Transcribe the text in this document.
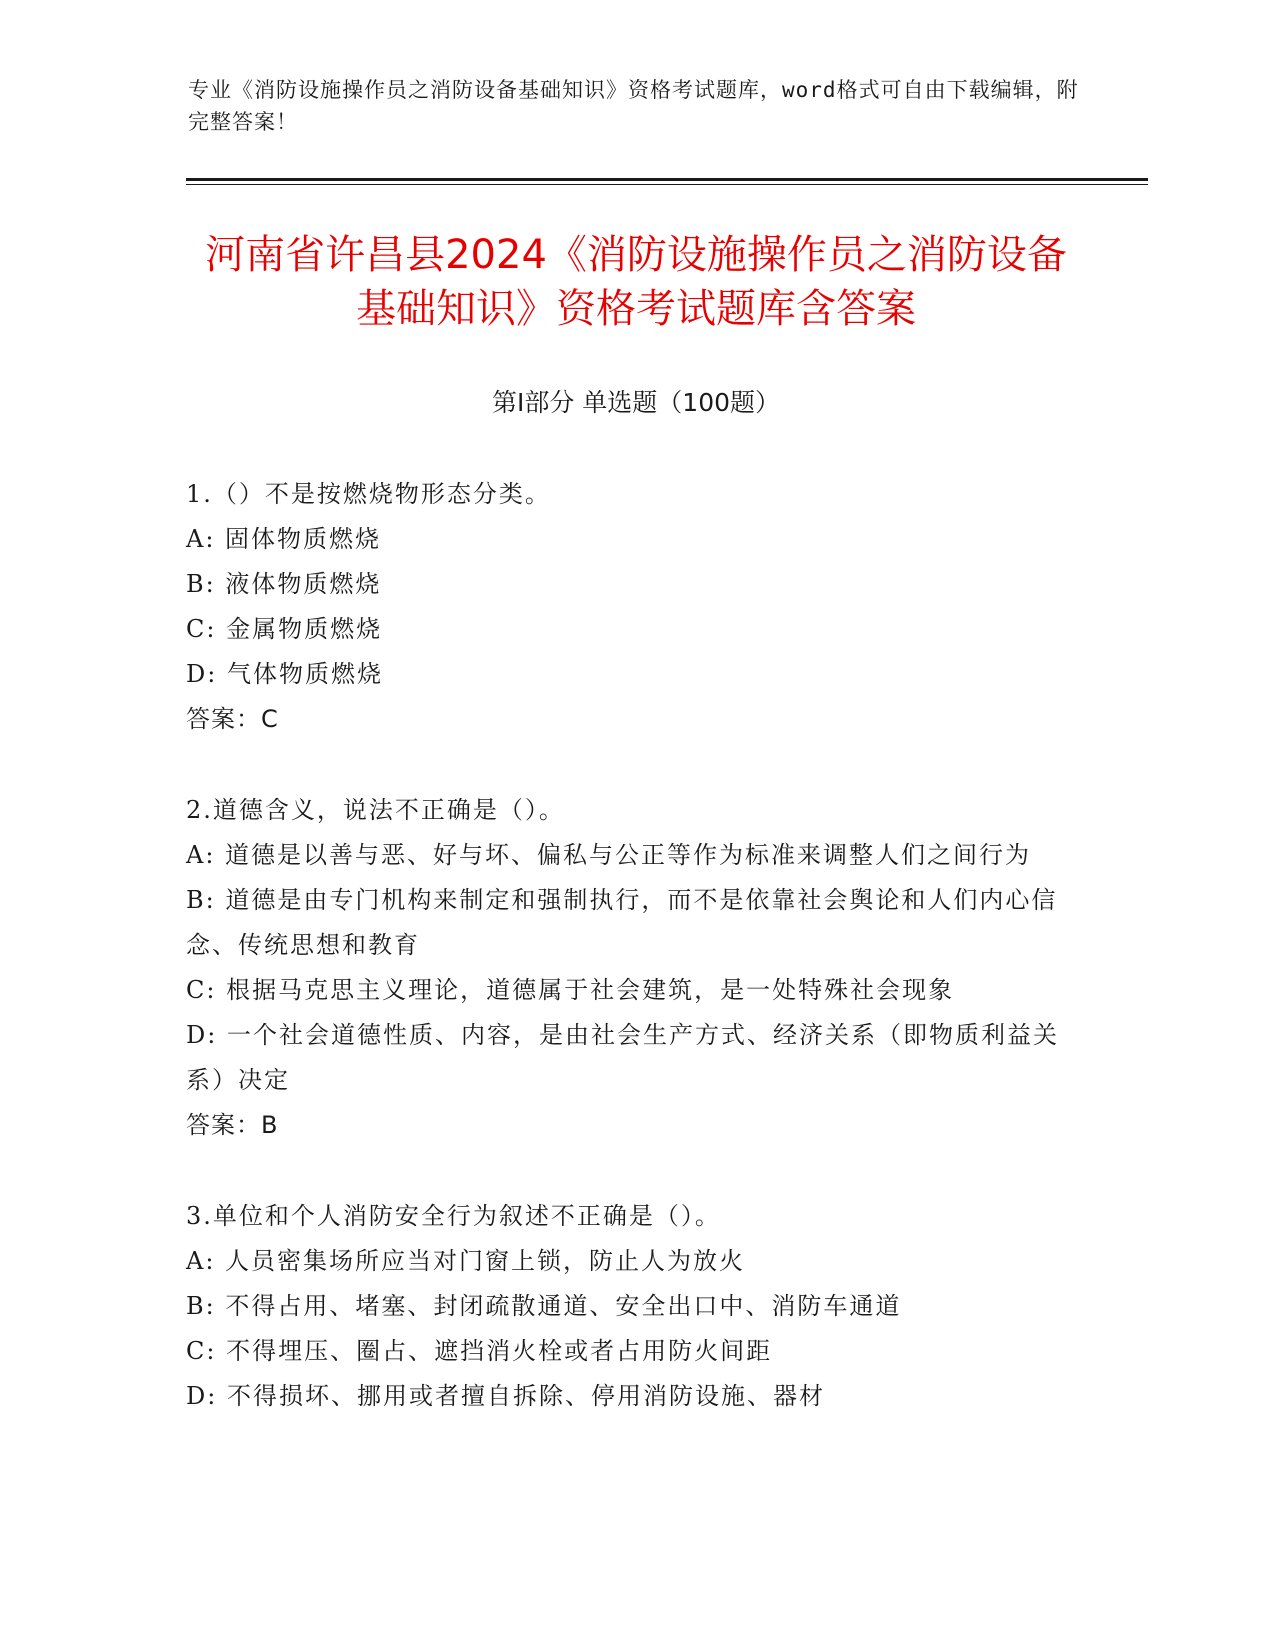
专业《消防设施操作员之消防设备基础知识》资格考试题库，word格式可自由下载编辑，附完整答案！
河南省许昌县2024《消防设施操作员之消防设备基础知识》资格考试题库含答案
第Ⅰ部分 单选题（100题）
1.（）不是按燃烧物形态分类。
A: 固体物质燃烧
B: 液体物质燃烧
C: 金属物质燃烧
D: 气体物质燃烧
答案：C
2.道德含义，说法不正确是（）。
A: 道德是以善与恶、好与坏、偏私与公正等作为标准来调整人们之间行为
B: 道德是由专门机构来制定和强制执行，而不是依靠社会舆论和人们内心信念、传统思想和教育
C: 根据马克思主义理论，道德属于社会建筑，是一处特殊社会现象
D: 一个社会道德性质、内容，是由社会生产方式、经济关系（即物质利益关系）决定
答案：B
3.单位和个人消防安全行为叙述不正确是（）。
A: 人员密集场所应当对门窗上锁，防止人为放火
B: 不得占用、堵塞、封闭疏散通道、安全出口中、消防车通道
C: 不得埋压、圈占、遮挡消火栓或者占用防火间距
D: 不得损坏、挪用或者擅自拆除、停用消防设施、器材
